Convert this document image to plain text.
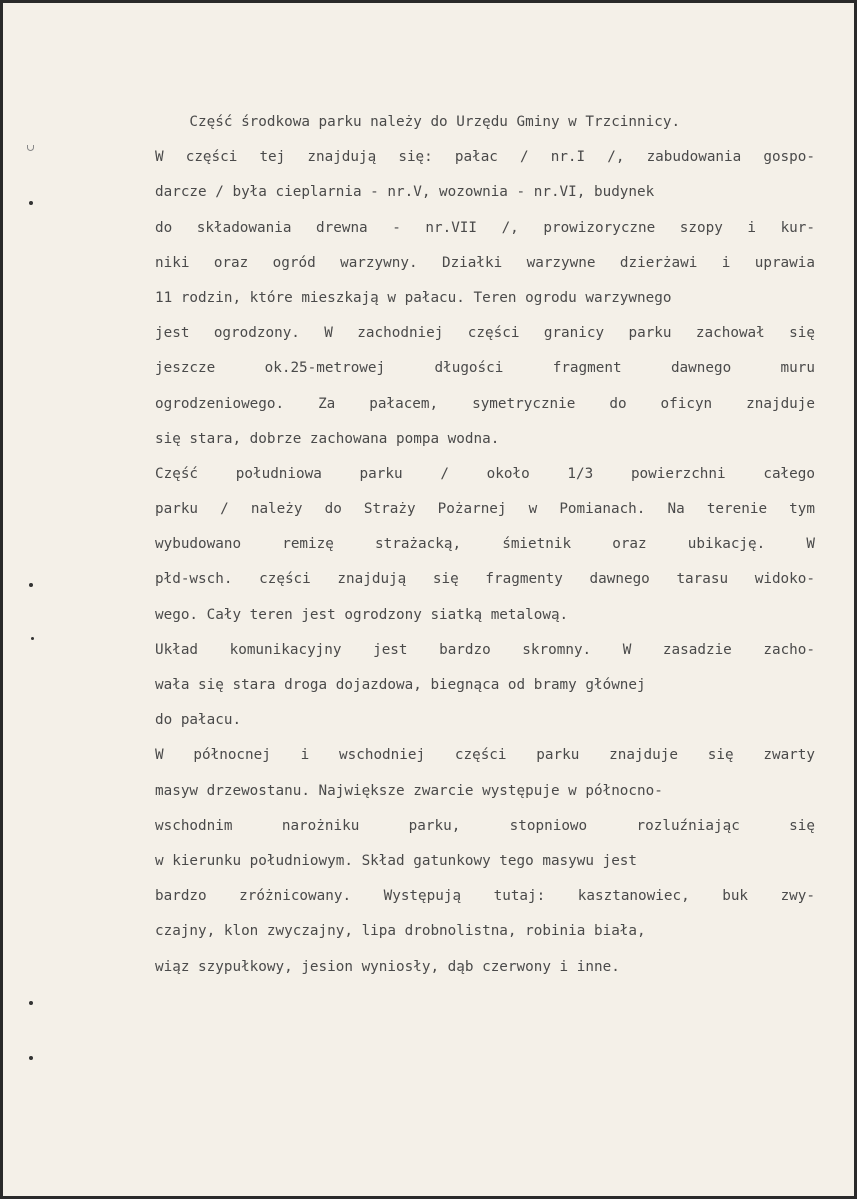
Część środkowa parku należy do Urzędu Gminy w Trzcinnicy.
W części tej znajdują się: pałac / nr.I /, zabudowania gospo-
darcze / była cieplarnia - nr.V, wozownia - nr.VI, budynek
do składowania drewna - nr.VII /, prowizoryczne szopy i kur-
niki oraz ogród warzywny. Działki warzywne dzierżawi i uprawia
11 rodzin, które mieszkają w pałacu. Teren ogrodu warzywnego
jest ogrodzony. W zachodniej części granicy parku zachował się
jeszcze ok.25-metrowej długości fragment dawnego muru
ogrodzeniowego. Za pałacem, symetrycznie do oficyn znajduje
się stara, dobrze zachowana pompa wodna.
Część południowa parku / około 1/3 powierzchni całego
parku / należy do Straży Pożarnej w Pomianach. Na terenie tym
wybudowano remizę strażacką, śmietnik oraz ubikację. W
płd-wsch. części znajdują się fragmenty dawnego tarasu widoko-
wego. Cały teren jest ogrodzony siatką metalową.
Układ komunikacyjny jest bardzo skromny. W zasadzie zacho-
wała się stara droga dojazdowa, biegnąca od bramy głównej
do pałacu.
W północnej i wschodniej części parku znajduje się zwarty
masyw drzewostanu. Największe zwarcie występuje w północno-
wschodnim narożniku parku, stopniowo rozluźniając się
w kierunku południowym. Skład gatunkowy tego masywu jest
bardzo zróżnicowany. Występują tutaj: kasztanowiec, buk zwy-
czajny, klon zwyczajny, lipa drobnolistna, robinia biała,
wiąz szypułkowy, jesion wyniosły, dąb czerwony i inne.
